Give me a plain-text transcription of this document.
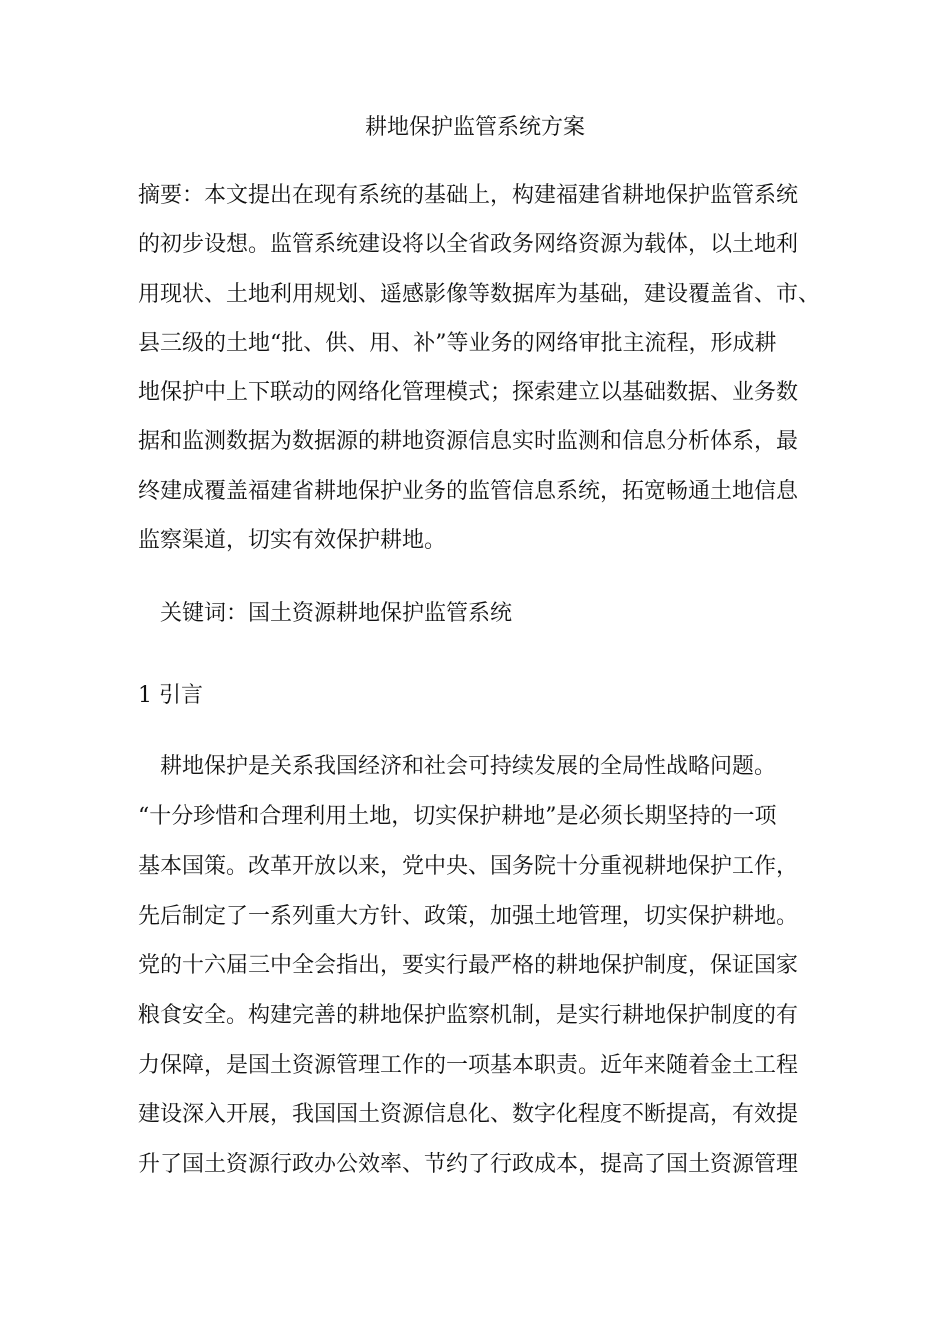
耕地保护监管系统方案
摘要：本文提出在现有系统的基础上，构建福建省耕地保护监管系统
的初步设想。监管系统建设将以全省政务网络资源为载体，以土地利
用现状、土地利用规划、遥感影像等数据库为基础，建设覆盖省、市、
县三级的土地“批、供、用、补”等业务的网络审批主流程，形成耕
地保护中上下联动的网络化管理模式；探索建立以基础数据、业务数
据和监测数据为数据源的耕地资源信息实时监测和信息分析体系，最
终建成覆盖福建省耕地保护业务的监管信息系统，拓宽畅通土地信息
监察渠道，切实有效保护耕地。
　关键词：国土资源耕地保护监管系统
1 引言
　耕地保护是关系我国经济和社会可持续发展的全局性战略问题。
“十分珍惜和合理利用土地，切实保护耕地”是必须长期坚持的一项
基本国策。改革开放以来，党中央、国务院十分重视耕地保护工作，
先后制定了一系列重大方针、政策，加强土地管理，切实保护耕地。
党的十六届三中全会指出，要实行最严格的耕地保护制度，保证国家
粮食安全。构建完善的耕地保护监察机制，是实行耕地保护制度的有
力保障，是国土资源管理工作的一项基本职责。近年来随着金土工程
建设深入开展，我国国土资源信息化、数字化程度不断提高，有效提
升了国土资源行政办公效率、节约了行政成本，提高了国土资源管理
